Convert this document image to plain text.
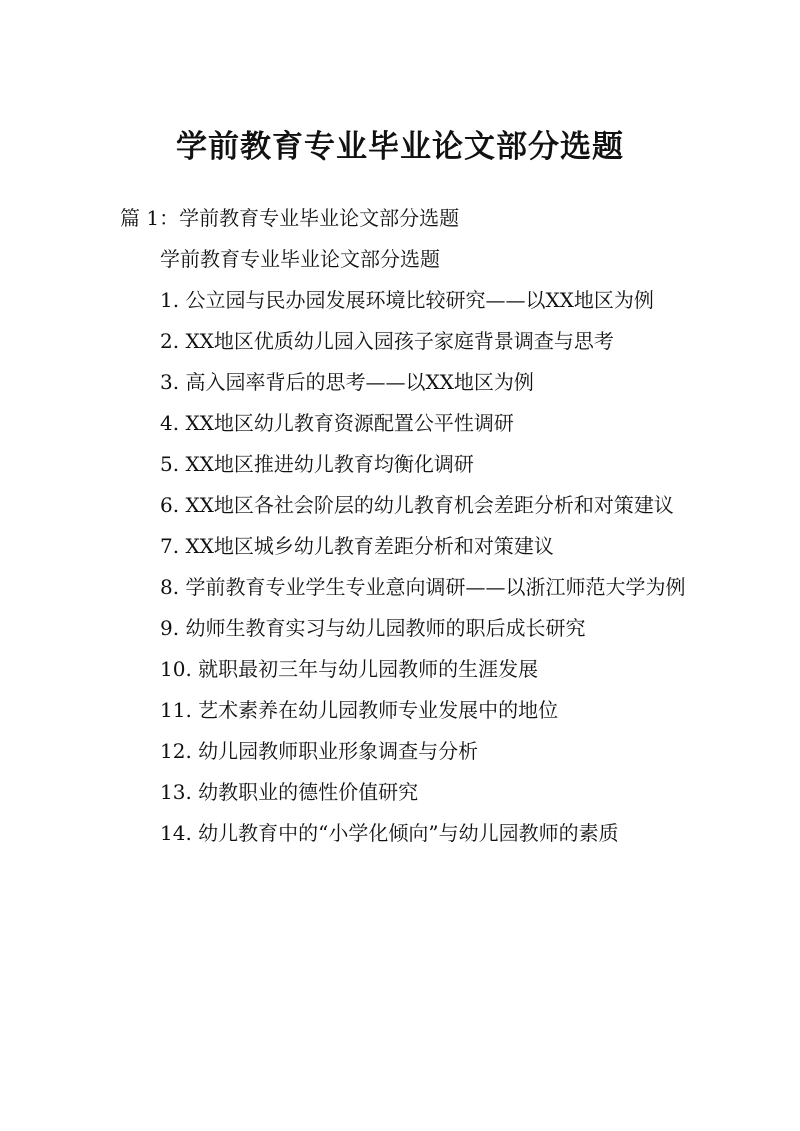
学前教育专业毕业论文部分选题
篇 1：学前教育专业毕业论文部分选题
学前教育专业毕业论文部分选题
1. 公立园与民办园发展环境比较研究——以XX地区为例
2. XX地区优质幼儿园入园孩子家庭背景调查与思考
3. 高入园率背后的思考——以XX地区为例
4. XX地区幼儿教育资源配置公平性调研
5. XX地区推进幼儿教育均衡化调研
6. XX地区各社会阶层的幼儿教育机会差距分析和对策建议
7. XX地区城乡幼儿教育差距分析和对策建议
8. 学前教育专业学生专业意向调研——以浙江师范大学为例
9. 幼师生教育实习与幼儿园教师的职后成长研究
10. 就职最初三年与幼儿园教师的生涯发展
11. 艺术素养在幼儿园教师专业发展中的地位
12. 幼儿园教师职业形象调查与分析
13. 幼教职业的德性价值研究
14. 幼儿教育中的“小学化倾向”与幼儿园教师的素质
